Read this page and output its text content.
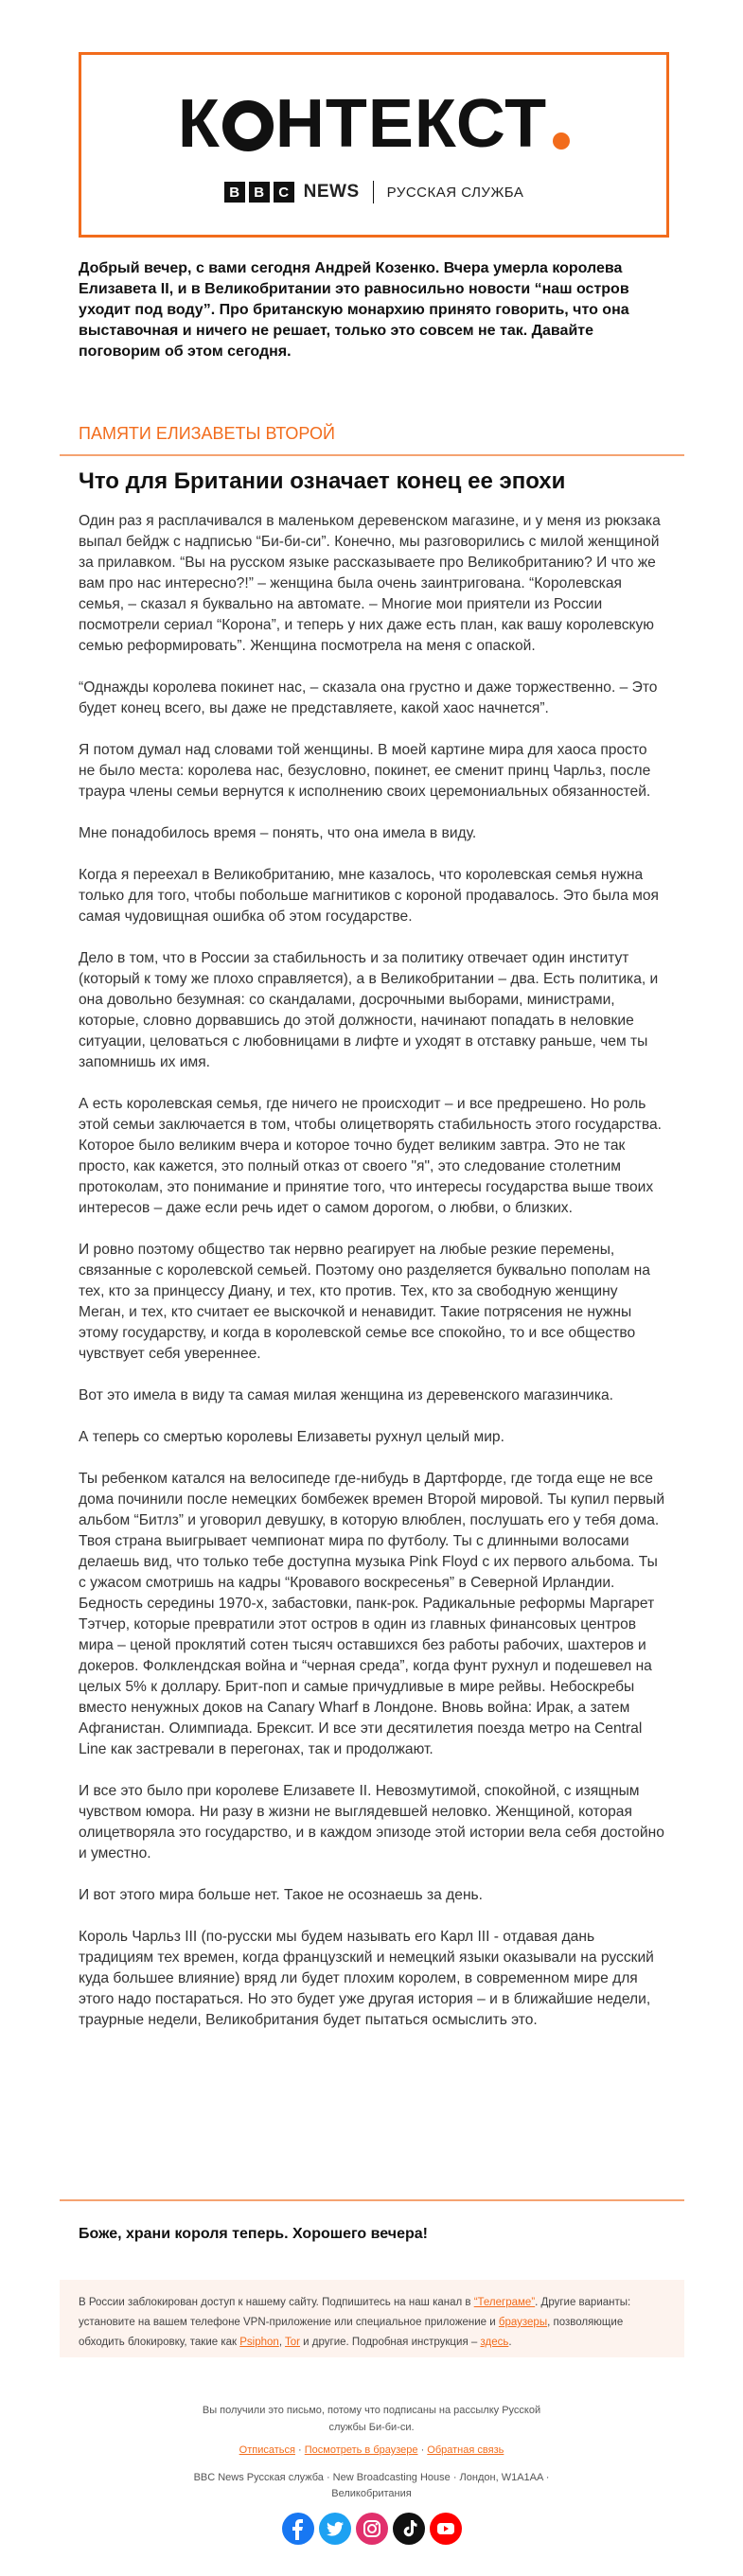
К НТЕКСТ
B	B	C NEWS РУССКАЯ СЛУЖБА
Добрый вечер, с вами сегодня Андрей Козенко. Вчера умерла королева Елизавета II, и в Великобритании это равносильно новости “наш остров уходит под воду”. Про британскую монархию принято говорить, что она выставочная и ничего не решает, только это совсем не так. Давайте поговорим об этом сегодня.
ПАМЯТИ ЕЛИЗАВЕТЫ ВТОРОЙ
Что для Британии означает конец ее эпохи

Один раз я расплачивался в маленьком деревенском магазине, и у меня из рюкзака выпал бейдж с надписью “Би-би-си”. Конечно, мы разговорились с милой женщиной за прилавком. “Вы на русском языке рассказываете про Великобританию? И что же вам про нас интересно?!” – женщина была очень заинтригована. “Королевская семья, – сказал я буквально на автомате. – Многие мои приятели из России посмотрели сериал “Корона”, и теперь у них даже есть план, как вашу королевскую семью реформировать”. Женщина посмотрела на меня с опаской.

“Однажды королева покинет нас, – сказала она грустно и даже торжественно. – Это будет конец всего, вы даже не представляете, какой хаос начнется”.

Я потом думал над словами той женщины. В моей картине мира для хаоса просто не было места: королева нас, безусловно, покинет, ее сменит принц Чарльз, после траура члены семьи вернутся к исполнению своих церемониальных обязанностей.

Мне понадобилось время – понять, что она имела в виду.

Когда я переехал в Великобританию, мне казалось, что королевская семья нужна только для того, чтобы побольше магнитиков с короной продавалось. Это была моя самая чудовищная ошибка об этом государстве.

Дело в том, что в России за стабильность и за политику отвечает один институт (который к тому же плохо справляется), а в Великобритании – два. Есть политика, и она довольно безумная: со скандалами, досрочными выборами, министрами, которые, словно дорвавшись до этой должности, начинают попадать в неловкие ситуации, целоваться с любовницами в лифте и уходят в отставку раньше, чем ты запомнишь их имя.

А есть королевская семья, где ничего не происходит – и все предрешено. Но роль этой семьи заключается в том, чтобы олицетворять стабильность этого государства. Которое было великим вчера и которое точно будет великим завтра. Это не так просто, как кажется, это полный отказ от своего "я", это следование столетним протоколам, это понимание и принятие того, что интересы государства выше твоих интересов – даже если речь идет о самом дорогом, о любви, о близких.

И ровно поэтому общество так нервно реагирует на любые резкие перемены, связанные с королевской семьей. Поэтому оно разделяется буквально пополам на тех, кто за принцессу Диану, и тех, кто против. Тех, кто за свободную женщину Меган, и тех, кто считает ее выскочкой и ненавидит. Такие потрясения не нужны этому государству, и когда в королевской семье все спокойно, то и все общество чувствует себя увереннее.

Вот это имела в виду та самая милая женщина из деревенского магазинчика.

А теперь со смертью королевы Елизаветы рухнул целый мир.

Ты ребенком катался на велосипеде где-нибудь в Дартфорде, где тогда еще не все дома починили после немецких бомбежек времен Второй мировой. Ты купил первый альбом “Битлз” и уговорил девушку, в которую влюблен, послушать его у тебя дома. Твоя страна выигрывает чемпионат мира по футболу. Ты с длинными волосами делаешь вид, что только тебе доступна музыка Pink Floyd с их первого альбома. Ты с ужасом смотришь на кадры “Кровавого воскресенья” в Северной Ирландии. Бедность середины 1970-х, забастовки, панк-рок. Радикальные реформы Маргарет Тэтчер, которые превратили этот остров в один из главных финансовых центров мира – ценой проклятий сотен тысяч оставшихся без работы рабочих, шахтеров и докеров. Фолклендская война и “черная среда”, когда фунт рухнул и подешевел на целых 5% к доллару. Брит-поп и самые причудливые в мире рейвы. Небоскребы вместо ненужных доков на Canary Wharf в Лондоне. Вновь война: Ирак, а затем Афганистан. Олимпиада. Брексит. И все эти десятилетия поезда метро на Central Line как застревали в перегонах, так и продолжают.

И все это было при королеве Елизавете II. Невозмутимой, спокойной, с изящным чувством юмора. Ни разу в жизни не выглядевшей неловко. Женщиной, которая олицетворяла это государство, и в каждом эпизоде этой истории вела себя достойно и уместно.

И вот этого мира больше нет. Такое не осознаешь за день.

Король Чарльз III (по-русски мы будем называть его Карл III - отдавая дань традициям тех времен, когда французский и немецкий языки оказывали на русский куда большее влияние) вряд ли будет плохим королем, в современном мире для этого надо постараться. Но это будет уже другая история – и в ближайшие недели, траурные недели, Великобритания будет пытаться осмыслить это.

Боже, храни короля теперь. Хорошего вечера!
В России заблокирован доступ к нашему сайту. Подпишитесь на наш канал в “Телеграме”. Другие варианты: установите на вашем телефоне VPN-приложение или специальное приложение и браузеры, позволяющие обходить блокировку, такие как Psiphon, Tor и другие. Подробная инструкция – здесь.
Вы получили это письмо, потому что подписаны на рассылку Русской службы Би-би-си.
Отписаться · Посмотреть в браузере · Обратная связь
BBC News Русская служба · New Broadcasting House · Лондон, W1A1AA · Великобритания
